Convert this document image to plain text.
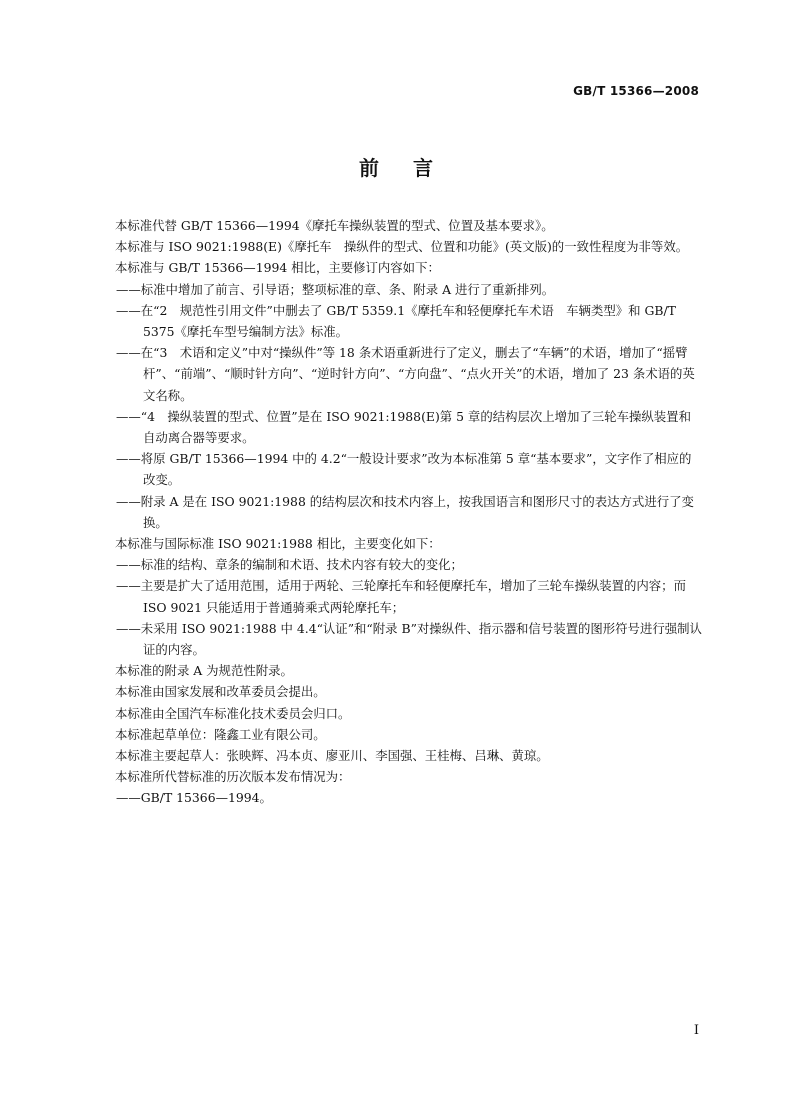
GB/T 15366—2008
前言

本标准代替 GB/T 15366—1994《摩托车操纵装置的型式、位置及基本要求》。

本标准与 ISO 9021:1988(E)《摩托车　操纵件的型式、位置和功能》(英文版)的一致性程度为非等效。

本标准与 GB/T 15366—1994 相比，主要修订内容如下：

——标准中增加了前言、引导语；整项标准的章、条、附录 A 进行了重新排列。

——在“2　规范性引用文件”中删去了 GB/T 5359.1《摩托车和轻便摩托车术语　车辆类型》和 GB/T 5375《摩托车型号编制方法》标准。

——在“3　术语和定义”中对“操纵件”等 18 条术语重新进行了定义，删去了“车辆”的术语，增加了“摇臂杆”、“前端”、“顺时针方向”、“逆时针方向”、“方向盘”、“点火开关”的术语，增加了 23 条术语的英文名称。

——“4　操纵装置的型式、位置”是在 ISO 9021:1988(E)第 5 章的结构层次上增加了三轮车操纵装置和自动离合器等要求。

——将原 GB/T 15366—1994 中的 4.2“一般设计要求”改为本标准第 5 章“基本要求”，文字作了相应的改变。

——附录 A 是在 ISO 9021:1988 的结构层次和技术内容上，按我国语言和图形尺寸的表达方式进行了变换。

本标准与国际标准 ISO 9021:1988 相比，主要变化如下：

——标准的结构、章条的编制和术语、技术内容有较大的变化；

——主要是扩大了适用范围，适用于两轮、三轮摩托车和轻便摩托车，增加了三轮车操纵装置的内容；而 ISO 9021 只能适用于普通骑乘式两轮摩托车；

——未采用 ISO 9021:1988 中 4.4“认证”和“附录 B”对操纵件、指示器和信号装置的图形符号进行强制认证的内容。

本标准的附录 A 为规范性附录。

本标准由国家发展和改革委员会提出。

本标准由全国汽车标准化技术委员会归口。

本标准起草单位：隆鑫工业有限公司。

本标准主要起草人：张映辉、冯本贞、廖亚川、李国强、王桂梅、吕琳、黄琼。

本标准所代替标准的历次版本发布情况为：

——GB/T 15366—1994。

I
